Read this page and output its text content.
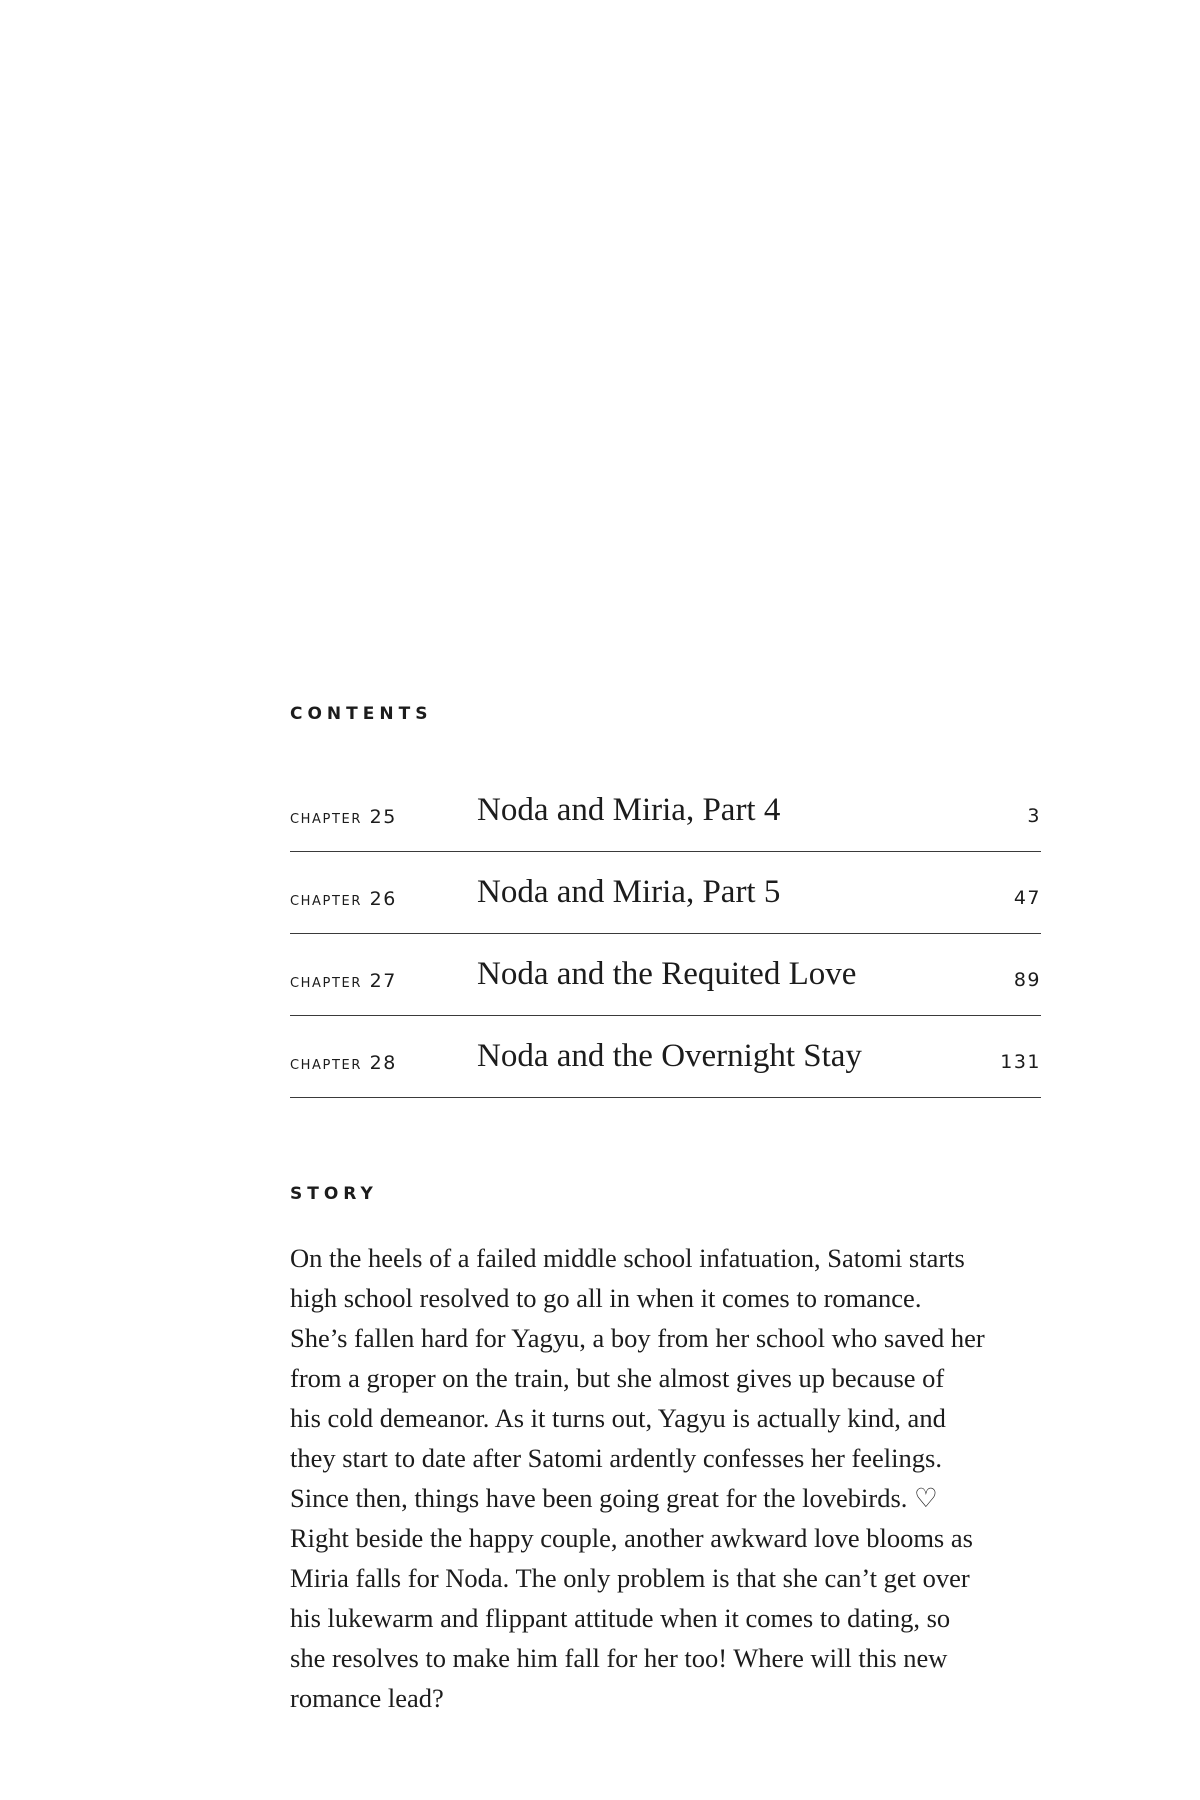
CONTENTS
chapter 25 Noda and Miria, Part 4	3
chapter 26 Noda and Miria, Part 5	47
chapter 27 Noda and the Requited Love	89
chapter 28 Noda and the Overnight Stay	131
STORY

On the heels of a failed middle school infatuation, Satomi starts
high school resolved to go all in when it comes to romance.
She’s fallen hard for Yagyu, a boy from her school who saved her
from a groper on the train, but she almost gives up because of
his cold demeanor. As it turns out, Yagyu is actually kind, and
they start to date after Satomi ardently confesses her feelings.
Since then, things have been going great for the lovebirds. ♡
Right beside the happy couple, another awkward love blooms as
Miria falls for Noda. The only problem is that she can’t get over
his lukewarm and flippant attitude when it comes to dating, so
she resolves to make him fall for her too! Where will this new
romance lead?
